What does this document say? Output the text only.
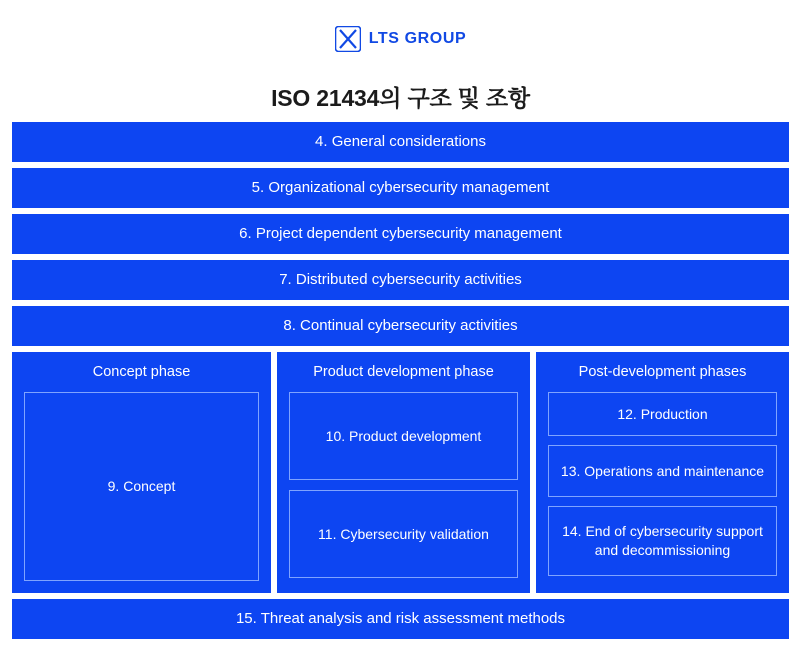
LTS GROUP
ISO 21434의 구조 및 조항
4. General considerations
5. Organizational cybersecurity management
6. Project dependent cybersecurity management
7. Distributed cybersecurity activities
8. Continual cybersecurity activities
Concept phase
9. Concept
Product development phase
10. Product development
11. Cybersecurity validation
Post-development phases
12. Production
13. Operations and maintenance
14. End of cybersecurity support and decommissioning
15. Threat analysis and risk assessment methods
